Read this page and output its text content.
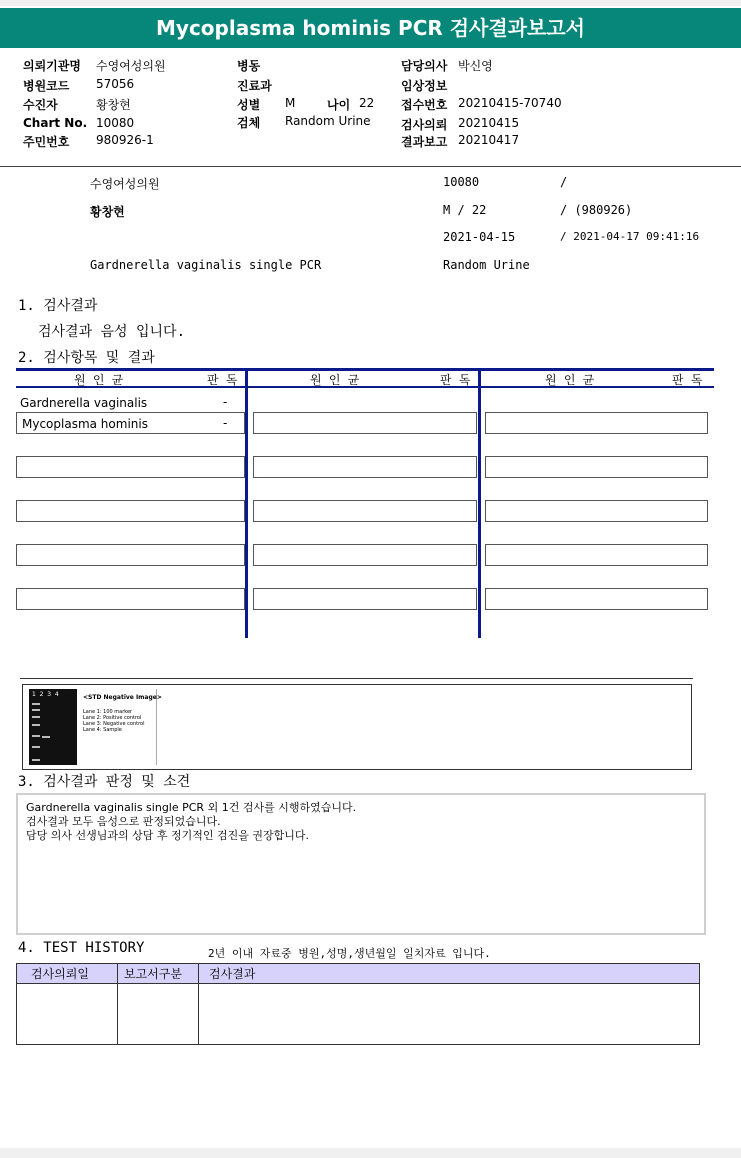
Mycoplasma hominis PCR 검사결과보고서
의뢰기관명 수영여성의원
병원코드 57056
수진자	황창현
Chart No. 10080
주민번호 980926-1
병동
진료과
성별 M	나이 22
검체 Random Urine
담당의사 박신영
임상정보
접수번호 20210415-70740
검사의뢰 20210415
결과보고 20210417
수영여성의원	10080	/
황창현	M / 22	/ (980926)
2021-04-15	/ 2021-04-17 09:41:16
Gardnerella vaginalis single PCR	Random Urine
1. 검사결과
검사결과 음성 입니다.
2. 검사항목 및 결과
원 인 균	판 독	원 인 균	판 독	원 인 균	판 독
Gardnerella vaginalis	-
Mycoplasma hominis	-
1  2  3  4	<STD Negative Image>
Lane 1: 100 marker
Lane 2: Positive control
Lane 3: Negative control
Lane 4: Sample
3. 검사결과 판정 및 소견
Gardnerella vaginalis single PCR 외 1건 검사를 시행하였습니다.
검사결과 모두 음성으로 판정되었습니다.
담당 의사 선생님과의 상담 후 정기적인 검진을 권장합니다.
4. TEST HISTORY	2년 이내 자료중 병원,성명,생년월일 일치자료 입니다.
검사의뢰일	보고서구분	검사결과
